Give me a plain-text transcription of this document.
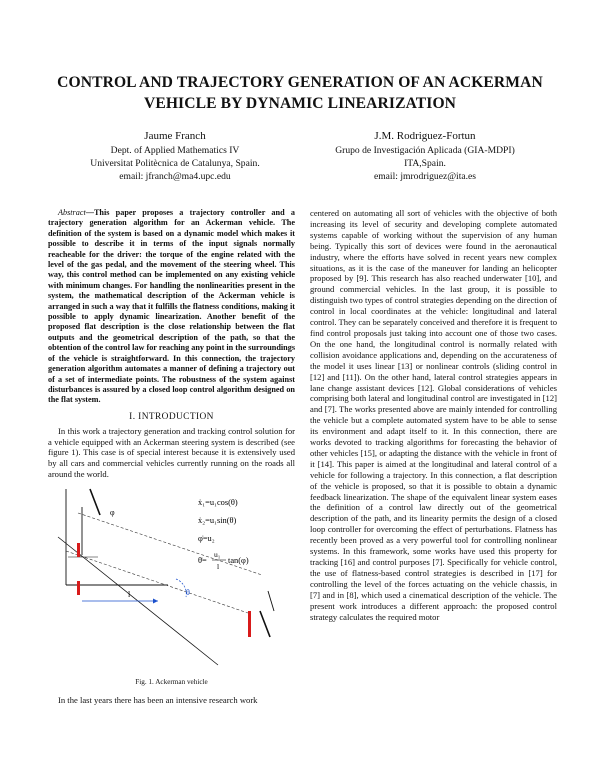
CONTROL AND TRAJECTORY GENERATION OF AN ACKERMAN VEHICLE BY DYNAMIC LINEARIZATION
Jaume Franch
Dept. of Applied Mathematics IV
Universitat Politècnica de Catalunya, Spain.
email: jfranch@ma4.upc.edu
J.M. Rodriguez-Fortun
Grupo de Investigación Aplicada (GIA-MDPI)
ITA,Spain.
email: jmrodriguez@ita.es

Abstract—This paper proposes a trajectory controller and a trajectory generation algorithm for an Ackerman vehicle. The definition of the system is based on a dynamic model which makes it possible to describe it in terms of the input signals normally reacheable for the driver: the torque of the engine related with the level of the gas pedal, and the movement of the steering wheel. This way, this control method can be implemented on any existing vehicle with minimum changes. For handling the nonlinearities present in the system, the mathematical description of the Ackerman vehicle is arranged in such a way that it fulfills the flatness conditions, making it possible to apply dynamic linearization. Another benefit of the proposed flat description is the close relationship between the flat outputs and the geometrical description of the path, so that the obtention of the control law for reaching any point in the surroundings of the vehicle is straightforward. In this connection, the trajectory generation algorithm automates a manner of defining a trajectory out of a set of intermediate points. The robustness of the system against disturbances is assured by a closed loop control algorithm designed on the flat system.

I. INTRODUCTION

In this work a trajectory generation and tracking control solution for a vehicle equipped with an Ackerman steering system is described (see figure 1). This case is of special interest because it is extensively used by all cars and commercial vehicles currently running on the roads all around the world.

l	θ
φ
ẋ₁=u₁cos(θ)
ẋ₂=u₁sin(θ)
φ̇=u₂
θ̇=
u₁
l
tan(φ)
Fig. 1. Ackerman vehicle

In the last years there has been an intensive research work

centered on automating all sort of vehicles with the objective of both increasing its level of security and developing complete automated systems capable of working without the supervision of any human being. Typically this sort of devices were found in the aeronautical industry, where the efforts have solved in recent years new complex situations, as it is the case of the maneuver for landing an helicopter proposed by [9]. This research has also reached underwater [10], and ground commercial vehicles. In the last group, it is possible to distinguish two types of control strategies depending on the direction of control in local coordinates at the vehicle: longitudinal and lateral control. They can be separately conceived and therefore it is frequent to find control proposals just taking into account one of those two cases. On the one hand, the longitudinal control is normally related with collision avoidance applications and, depending on the accurateness of the model it uses linear [13] or nonlinear controls (sliding control in [12] and [11]). On the other hand, lateral control strategies appears in lane change assistant devices [12]. Global considerations of vehicles comprising both lateral and longitudinal control are investigated in [12] and [7]. The works presented above are mainly intended for controlling the vehicle but a complete automated system have to be able to sense its environment and adapt itself to it. In this connection, there are works devoted to tracking algorithms for forecasting the behavior of other vehicles [15], or adapting the distance with the vehicle in front of it [14]. This paper is aimed at the longitudinal and lateral control of a vehicle for following a trajectory. In this connection, a flat description of the vehicle is proposed, so that it is possible to obtain a dynamic feedback linearization. The shape of the equivalent linear system eases the definition of a control law directly out of the geometrical description of the path, and its linearity permits the design of a closed loop controller for overcoming the effect of perturbations. Flatness has recently been proved as a very powerful tool for controlling nonlinear systems. In this framework, some works have used this property for tracking [16] and control purposes [7]. Specifically for vehicle control, the use of flatness-based control strategies is described in [17] for controlling the level of the forces actuating on the vehicle chassis, in [7] and in [8], which used a cinematical description of the vehicle. The present work introduces a different approach: the proposed control strategy calculates the required motor
